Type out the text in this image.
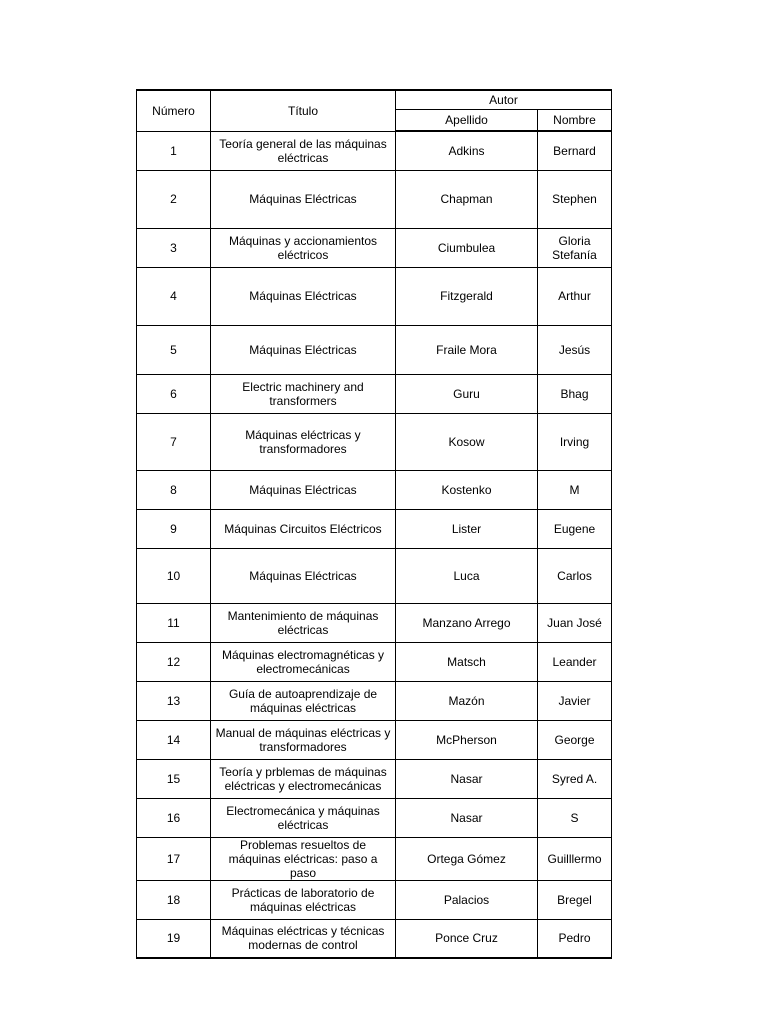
Número	Título	Autor	
		Apellido	Nombre
1	Teoría general de las máquinas eléctricas	Adkins	Bernard
2	Máquinas Eléctricas	Chapman	Stephen
3	Máquinas y accionamientos eléctricos	Ciumbulea	Gloria Stefanía
4	Máquinas Eléctricas	Fitzgerald	Arthur
5	Máquinas Eléctricas	Fraile Mora	Jesús
6	Electric machinery and transformers	Guru	Bhag
7	Máquinas eléctricas y transformadores	Kosow	Irving
8	Máquinas Eléctricas	Kostenko	M
9	Máquinas Circuitos Eléctricos	Lister	Eugene
10	Máquinas Eléctricas	Luca	Carlos
11	Mantenimiento de máquinas eléctricas	Manzano Arrego	Juan José
12	Máquinas electromagnéticas y electromecánicas	Matsch	Leander
13	Guía de autoaprendizaje de máquinas eléctricas	Mazón	Javier
14	Manual de máquinas eléctricas y transformadores	McPherson	George
15	Teoría y prblemas de máquinas eléctricas y electromecánicas	Nasar	Syred A.
16	Electromecánica y máquinas eléctricas	Nasar	S
17	Problemas resueltos de máquinas eléctricas: paso a paso	Ortega Gómez	Guilllermo
18	Prácticas de laboratorio de máquinas eléctricas	Palacios	Bregel
19	Máquinas eléctricas y técnicas modernas de control	Ponce Cruz	Pedro
